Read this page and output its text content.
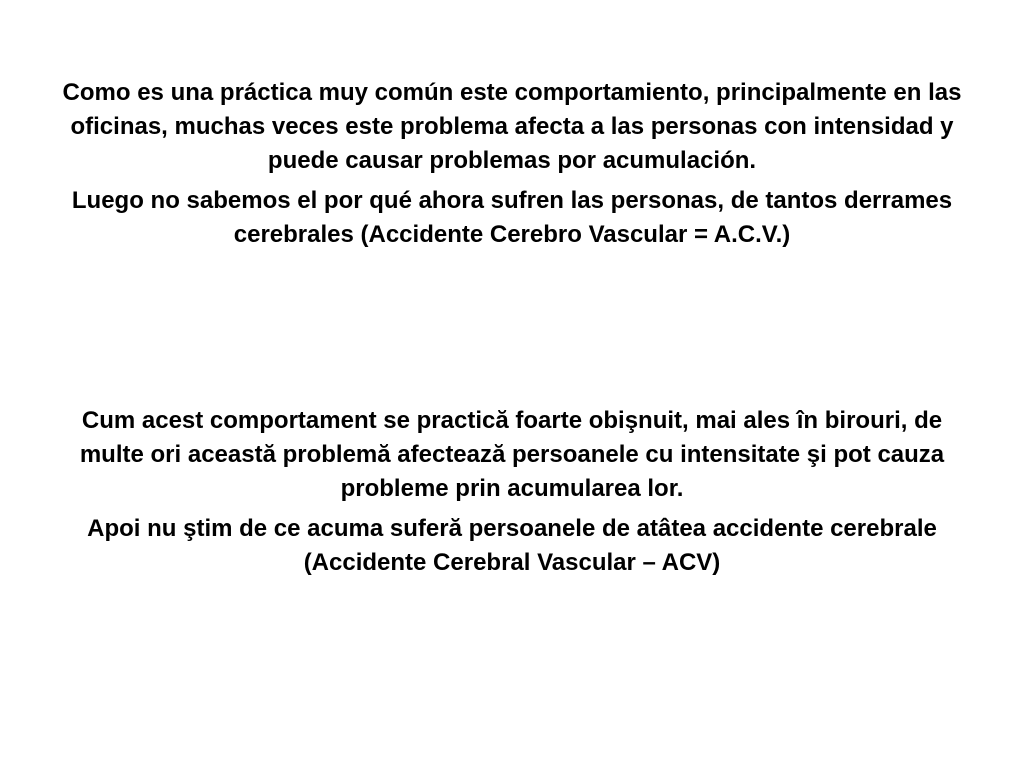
Como es una práctica muy común este comportamiento, principalmente en las oficinas, muchas veces este problema afecta a las personas con intensidad y puede causar problemas por acumulación.

Luego no sabemos el por qué ahora sufren las personas, de tantos derrames cerebrales (Accidente Cerebro Vascular = A.C.V.)

Cum acest comportament se practică foarte obişnuit, mai ales în birouri, de multe ori această problemă afectează persoanele cu intensitate şi pot cauza probleme prin acumularea lor.

Apoi nu ştim de ce acuma suferă persoanele de atâtea accidente cerebrale (Accidente Cerebral Vascular – ACV)
